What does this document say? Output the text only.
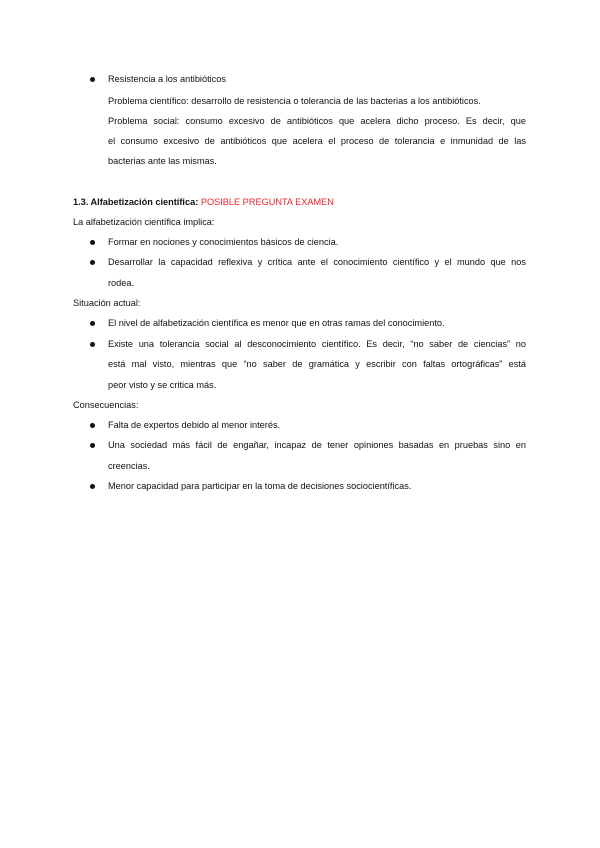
Resistencia a los antibióticos
Problema científico: desarrollo de resistencia o tolerancia de las bacterias a los antibióticos.
Problema social: consumo excesivo de antibióticos que acelera dicho proceso. Es decir, que
el consumo excesivo de antibióticos que acelera el proceso de tolerancia e inmunidad de las
bacterias ante las mismas.
1.3. Alfabetización científica: POSIBLE PREGUNTA EXAMEN
La alfabetización científica implica:
Formar en nociones y conocimientos básicos de ciencia.
Desarrollar la capacidad reflexiva y crítica ante el conocimiento científico y el mundo que nos
rodea.
Situación actual:
El nivel de alfabetización científica es menor que en otras ramas del conocimiento.
Existe una tolerancia social al desconocimiento científico. Es decir, “no saber de ciencias” no
está mal visto, mientras que “no saber de gramática y escribir con faltas ortográficas” está
peor visto y se critica más.
Consecuencias:
Falta de expertos debido al menor interés.
Una sociedad más fácil de engañar, incapaz de tener opiniones basadas en pruebas sino en
creencias.
Menor capacidad para participar en la toma de decisiones sociocientíficas.
